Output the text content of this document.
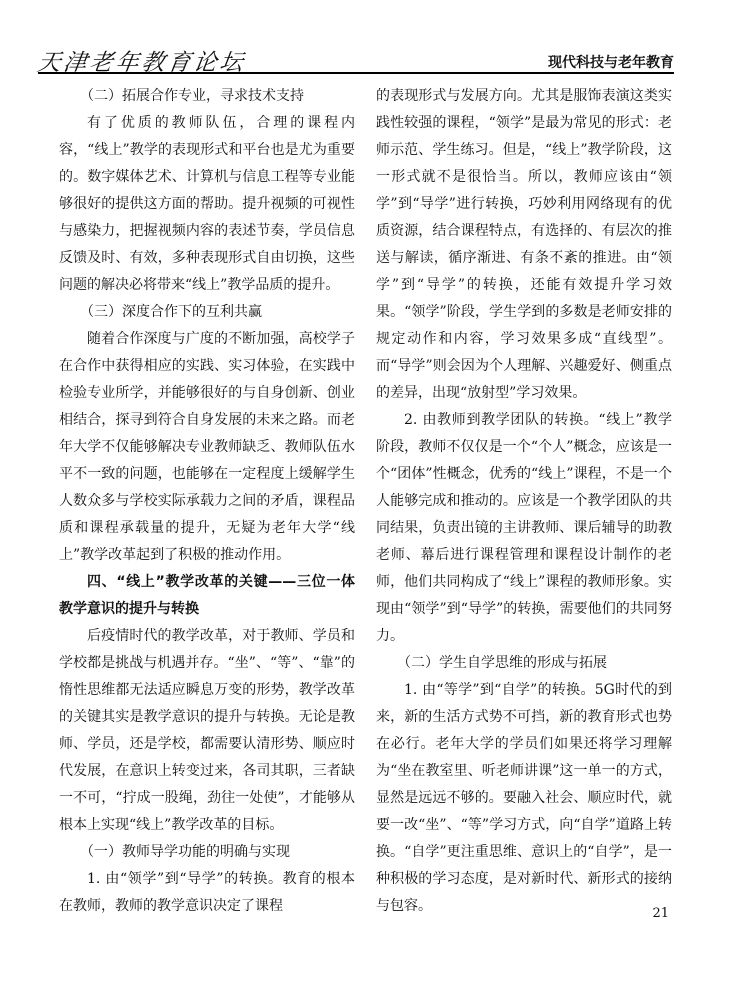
天津老年教育论坛	现代科技与老年教育

（二）拓展合作专业，寻求技术支持

有了优质的教师队伍，合理的课程内容，“线上”教学的表现形式和平台也是尤为重要的。数字媒体艺术、计算机与信息工程等专业能够很好的提供这方面的帮助。提升视频的可视性与感染力，把握视频内容的表述节奏，学员信息反馈及时、有效，多种表现形式自由切换，这些问题的解决必将带来“线上”教学品质的提升。

（三）深度合作下的互利共赢

随着合作深度与广度的不断加强，高校学子在合作中获得相应的实践、实习体验，在实践中检验专业所学，并能够很好的与自身创新、创业相结合，探寻到符合自身发展的未来之路。而老年大学不仅能够解决专业教师缺乏、教师队伍水平不一致的问题，也能够在一定程度上缓解学生人数众多与学校实际承载力之间的矛盾，课程品质和课程承载量的提升，无疑为老年大学“线上”教学改革起到了积极的推动作用。

四、“线上”教学改革的关键——三位一体教学意识的提升与转换

后疫情时代的教学改革，对于教师、学员和学校都是挑战与机遇并存。“坐”、“等”、“靠”的惰性思维都无法适应瞬息万变的形势，教学改革的关键其实是教学意识的提升与转换。无论是教师、学员，还是学校，都需要认清形势、顺应时代发展，在意识上转变过来，各司其职，三者缺一不可，“拧成一股绳，劲往一处使”，才能够从根本上实现“线上”教学改革的目标。

（一）教师导学功能的明确与实现

1. 由“领学”到“导学”的转换。教育的根本在教师，教师的教学意识决定了课程

的表现形式与发展方向。尤其是服饰表演这类实践性较强的课程，“领学”是最为常见的形式：老师示范、学生练习。但是，“线上”教学阶段，这一形式就不是很恰当。所以，教师应该由“领学”到“导学”进行转换，巧妙利用网络现有的优质资源，结合课程特点，有选择的、有层次的推送与解读，循序渐进、有条不紊的推进。由“领学”到“导学”的转换，还能有效提升学习效果。“领学”阶段，学生学到的多数是老师安排的规定动作和内容，学习效果多成“直线型”。而“导学”则会因为个人理解、兴趣爱好、侧重点的差异，出现“放射型”学习效果。

2. 由教师到教学团队的转换。“线上”教学阶段，教师不仅仅是一个“个人”概念，应该是一个“团体”性概念，优秀的“线上”课程，不是一个人能够完成和推动的。应该是一个教学团队的共同结果，负责出镜的主讲教师、课后辅导的助教老师、幕后进行课程管理和课程设计制作的老师，他们共同构成了“线上”课程的教师形象。实现由“领学”到“导学”的转换，需要他们的共同努力。

（二）学生自学思维的形成与拓展

1. 由“等学”到“自学”的转换。5G时代的到来，新的生活方式势不可挡，新的教育形式也势在必行。老年大学的学员们如果还将学习理解为“坐在教室里、听老师讲课”这一单一的方式，显然是远远不够的。要融入社会、顺应时代，就要一改“坐”、“等”学习方式，向“自学”道路上转换。“自学”更注重思维、意识上的“自学”，是一种积极的学习态度，是对新时代、新形式的接纳与包容。	21
